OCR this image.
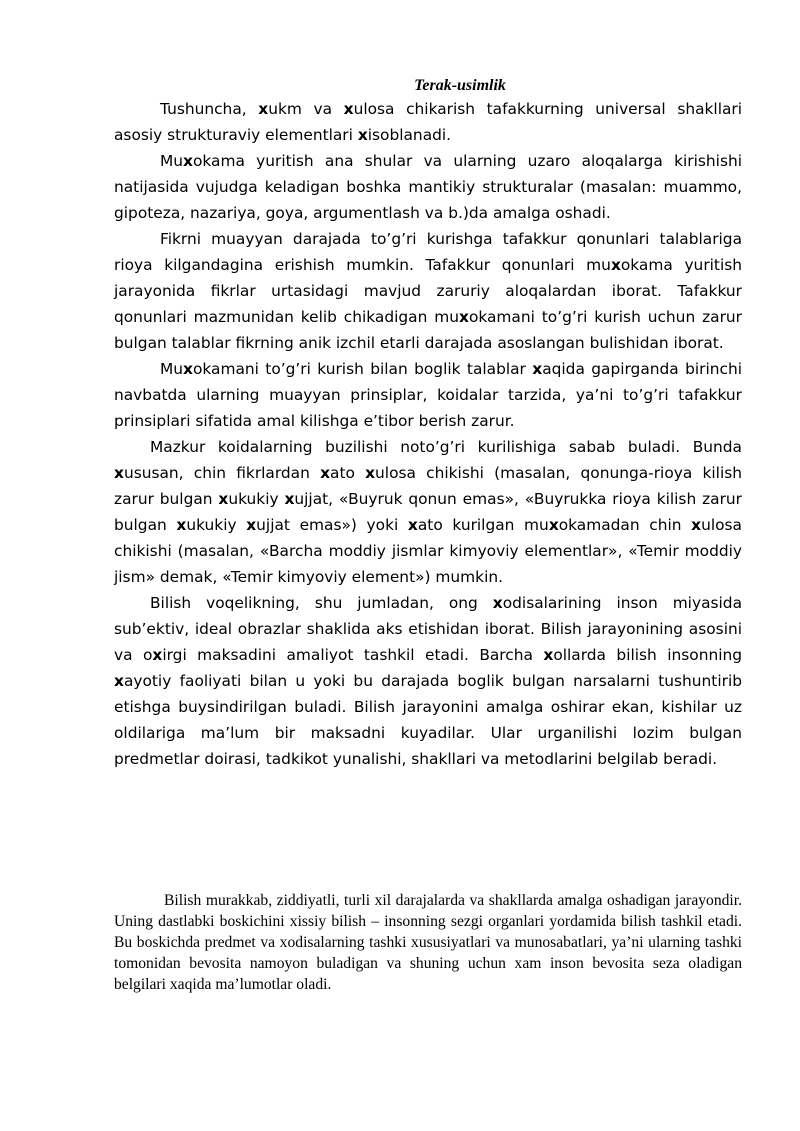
Terak-usimlik

Tushuncha, xukm va xulosa chikarish tafakkurning universal shakllari asosiy strukturaviy elementlari xisoblanadi.

Muxokama yuritish ana shular va ularning uzaro aloqalarga kirishishi natijasida vujudga keladigan boshka mantikiy strukturalar (masalan: muammo, gipoteza, nazariya, goya, argumentlash va b.)da amalga oshadi.

Fikrni muayyan darajada to’g’ri kurishga tafakkur qonunlari talablariga rioya kilgandagina erishish mumkin. Tafakkur qonunlari muxokama yuritish jarayonida fikrlar urtasidagi mavjud zaruriy aloqalardan iborat. Tafakkur qonunlari mazmunidan kelib chikadigan muxokamani to’g’ri kurish uchun zarur bulgan talablar fikrning anik izchil etarli darajada asoslangan bulishidan iborat.

Muxokamani to’g’ri kurish bilan boglik talablar xaqida gapirganda birinchi navbatda ularning muayyan prinsiplar, koidalar tarzida, ya’ni to’g’ri tafakkur prinsiplari sifatida amal kilishga e’tibor berish zarur.

Mazkur koidalarning buzilishi noto’g’ri kurilishiga sabab buladi. Bunda xususan, chin fikrlardan xato xulosa chikishi (masalan, qonunga-rioya kilish zarur bulgan xukukiy xujjat, «Buyruk qonun emas», «Buyrukka rioya kilish zarur bulgan xukukiy xujjat emas») yoki xato kurilgan muxokamadan chin xulosa chikishi (masalan, «Barcha moddiy jismlar kimyoviy elementlar», «Temir moddiy jism» demak, «Temir kimyoviy element») mumkin.

Bilish voqelikning, shu jumladan, ong xodisalarining inson miyasida sub’ektiv, ideal obrazlar shaklida aks etishidan iborat. Bilish jarayonining asosini va oxirgi maksadini amaliyot tashkil etadi. Barcha xollarda bilish insonning xayotiy faoliyati bilan u yoki bu darajada boglik bulgan narsalarni tushuntirib etishga buysindirilgan buladi. Bilish jarayonini amalga oshirar ekan, kishilar uz oldilariga ma’lum bir maksadni kuyadilar. Ular urganilishi lozim bulgan predmetlar doirasi, tadkikot yunalishi, shakllari va metodlarini belgilab beradi.

Bilish murakkab, ziddiyatli, turli xil darajalarda va shakllarda amalga oshadigan jarayondir. Uning dastlabki boskichini xissiy bilish – insonning sezgi organlari yordamida bilish tashkil etadi. Bu boskichda predmet va xodisalarning tashki xususiyatlari va munosabatlari, ya’ni ularning tashki tomonidan bevosita namoyon buladigan va shuning uchun xam inson bevosita seza oladigan belgilari xaqida ma’lumotlar oladi.
